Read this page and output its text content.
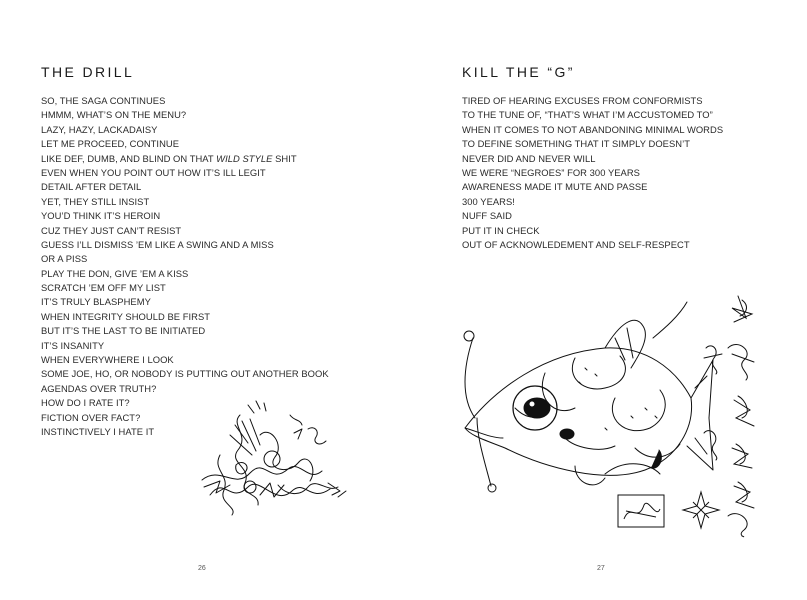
THE DRILL
SO, THE SAGA CONTINUES
HMMM, WHAT’S ON THE MENU?
LAZY, HAZY, LACKADAISY
LET ME PROCEED, CONTINUE
LIKE DEF, DUMB, AND BLIND ON THAT WILD STYLE SHIT
EVEN WHEN YOU POINT OUT HOW IT’S ILL LEGIT
DETAIL AFTER DETAIL
YET, THEY STILL INSIST
YOU’D THINK IT’S HEROIN
CUZ THEY JUST CAN’T RESIST
GUESS I’LL DISMISS ’EM LIKE A SWING AND A MISS
OR A PISS
PLAY THE DON, GIVE ’EM A KISS
SCRATCH ’EM OFF MY LIST
IT’S TRULY BLASPHEMY
WHEN INTEGRITY SHOULD BE FIRST
BUT IT’S THE LAST TO BE INITIATED
IT’S INSANITY
WHEN EVERYWHERE I LOOK
SOME JOE, HO, OR NOBODY IS PUTTING OUT ANOTHER BOOK
AGENDAS OVER TRUTH?
HOW DO I RATE IT?
FICTION OVER FACT?
INSTINCTIVELY I HATE IT
26
KILL THE “G”
TIRED OF HEARING EXCUSES FROM CONFORMISTS
TO THE TUNE OF, “THAT’S WHAT I’M ACCUSTOMED TO”
WHEN IT COMES TO NOT ABANDONING MINIMAL WORDS
TO DEFINE SOMETHING THAT IT SIMPLY DOESN’T
NEVER DID AND NEVER WILL
WE WERE “NEGROES” FOR 300 YEARS
AWARENESS MADE IT MUTE AND PASSE
300 YEARS!
NUFF SAID
PUT IT IN CHECK
OUT OF ACKNOWLEDEMENT AND SELF-RESPECT
27
